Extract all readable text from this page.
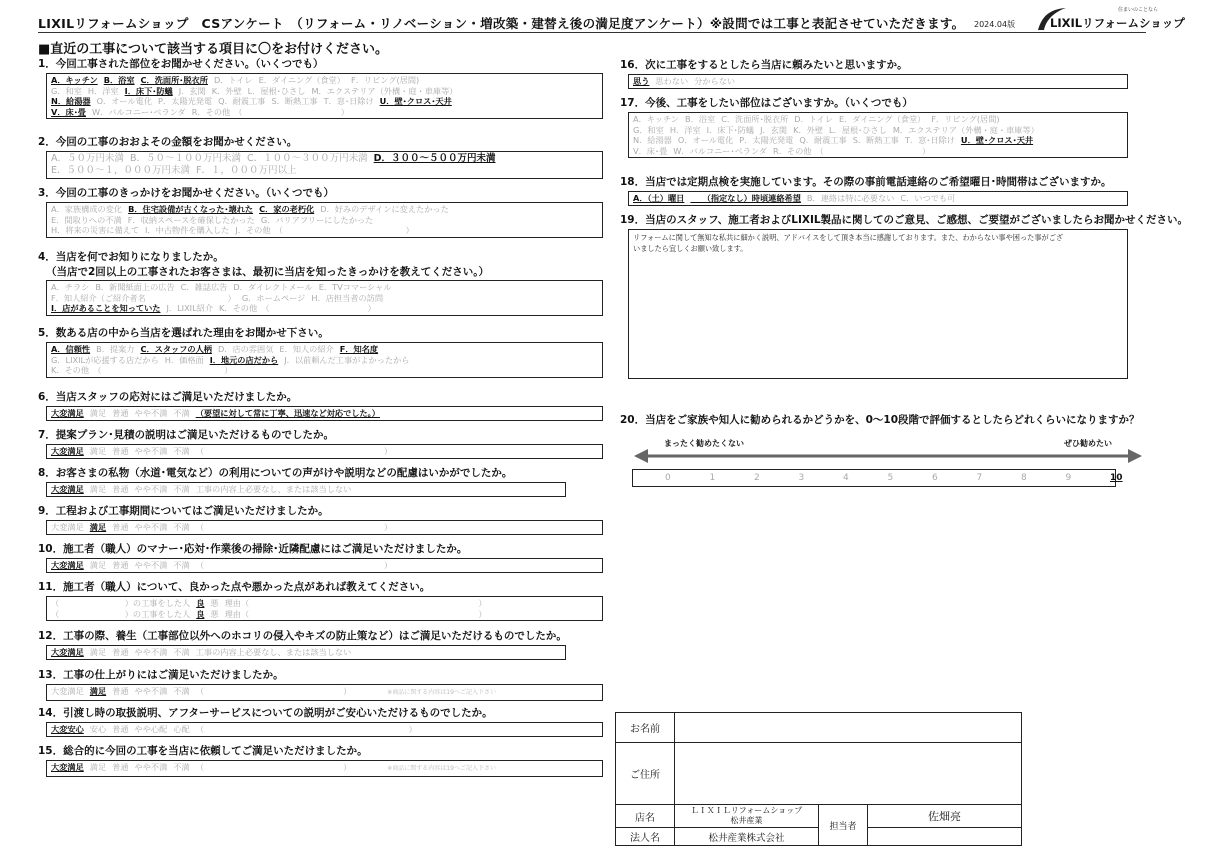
LIXILリフォームショップ　CSアンケート　（リフォーム・リノベーション・増改築・建替え後の満足度アンケート）※設問では工事と表記させていただきます。 2024.04版
住まいのことなら
LIXILリフォームショップ
■直近の工事について該当する項目に〇をお付けください。
1．今回工事された部位をお聞かせください。（いくつでも）
A．キッチン B．浴室 C．洗面所･脱衣所 D．トイレ E．ダイニング（食堂） F．リビング(居間)
G．和室 H．洋室 I．床下･防蟻 J．玄関 K．外壁 L．屋根･ひさし M．エクステリア（外構・庭・車庫等）
N．給湯器 O．オール電化 P．太陽光発電 Q．耐震工事 S．断熱工事 T．窓･日除け U．壁･クロス･天井
V．床･畳 W．バルコニー･ベランダ R．その他　（　　　　　　　　　　　　）
2．今回の工事のおおよその金額をお聞かせください。
A．５０万円未満 B．５０～１００万円未満 C．１００～３００万円未満 D．３００～５００万円未満
E．５００～１，０００万円未満 F．１，０００万円以上
3．今回の工事のきっかけをお聞かせください。（いくつでも）
A．家族構成の変化 B．住宅設備が古くなった･壊れた C．家の老朽化 D．好みのデザインに変えたかった
E．間取りへの不満 F．収納スペースを確保したかった G．バリアフリーにしたかった
H．将来の災害に備えて I．中古物件を購入した J．その他　（　　　　　　　　　　　　　　　）
4．当店を何でお知りになりましたか。
（当店で2回以上の工事されたお客さまは、最初に当店を知ったきっかけを教えてください。）
A．チラシ B．新聞紙面上の広告 C．雑誌広告 D．ダイレクトメール E．TVコマーシャル
F．知人紹介（ご紹介者名　　　　　　　　　　） G．ホームページ H．店担当者の訪問
I．店があることを知っていた J．LIXIL紹介 K．その他　（　　　　　　　　　　　　）
5．数ある店の中から当店を選ばれた理由をお聞かせ下さい。
A．信頼性 B．提案力 C．スタッフの人柄 D．店の雰囲気 E．知人の紹介 F．知名度
G．LIXILが応援する店だから H．価格面 I．地元の店だから J．以前頼んだ工事がよかったから
K．その他　（　　　　　　　　　　　　　　　）
6．当店スタッフの応対にはご満足いただけましたか。
大変満足 満足 普通 やや不満 不満 （要望に対して常に丁寧、迅速など対応でした。）
7．提案プラン･見積の説明はご満足いただけるものでしたか。
大変満足 満足 普通 やや不満 不満 （　　　　　　　　　　　　　　　　　　　　　　）
8．お客さまの私物（水道･電気など）の利用についての声がけや説明などの配慮はいかがでしたか。
大変満足 満足 普通 やや不満 不満 工事の内容上必要なし、または該当しない
9．工程および工事期間についてはご満足いただけましたか。
大変満足 満足 普通 やや不満 不満 （　　　　　　　　　　　　　　　　　　　　　　）
10．施工者（職人）のマナー･応対･作業後の掃除･近隣配慮にはご満足いただけましたか。
大変満足 満足 普通 やや不満 不満 （　　　　　　　　　　　　　　　　　　　　　　）
11．施工者（職人）について、良かった点や悪かった点があれば教えてください。
（　　　　　　　　）の工事をした人 良 悪 理由（　　　　　　　　　　　　　　　　　　　　　　　　　　　　）
（　　　　　　　　）の工事をした人 良 悪 理由（　　　　　　　　　　　　　　　　　　　　　　　　　　　　）
12．工事の際、養生（工事部位以外へのホコリの侵入やキズの防止策など）はご満足いただけるものでしたか。
大変満足 満足 普通 やや不満 不満 工事の内容上必要なし、または該当しない
13．工事の仕上がりにはご満足いただけましたか。
大変満足 満足 普通 やや不満 不満 （　　　　　　　　　　　　　　　　　）	※商品に関する内容は19へご記入下さい
14．引渡し時の取扱説明、アフターサービスについての説明がご安心いただけるものでしたか。
大変安心 安心 普通 やや心配 心配 （　　　　　　　　　　　　　　　　　　　　　　　　　）
15．総合的に今回の工事を当店に依頼してご満足いただけましたか。
大変満足 満足 普通 やや不満 不満 （　　　　　　　　　　　　　　　　　）	※商品に関する内容は19へご記入下さい
16．次に工事をするとしたら当店に頼みたいと思いますか。
思う 思わない 分からない
17．今後、工事をしたい部位はございますか。（いくつでも）
A．キッチン B．浴室 C．洗面所･脱衣所 D．トイレ E．ダイニング（食堂） F．リビング(居間)
G．和室 H．洋室 I．床下･防蟻 J．玄関 K．外壁 L．屋根･ひさし M．エクステリア（外構・庭・車庫等）
N．給湯器 O．オール電化 P．太陽光発電 Q．耐震工事 S．断熱工事 T．窓･日除け U．壁･クロス･天井
V．床･畳 W．バルコニー･ベランダ R．その他　（　　　　　　　　　　　　）
18．当店では定期点検を実施しています。その際の事前電話連絡のご希望曜日･時間帯はございますか。
A．（土）曜日　　（指定なし）時頃連絡希望 B．連絡は特に必要ない C．いつでも可
19．当店のスタッフ、施工者およびLIXIL製品に関してのご意見、ご感想、ご要望がございましたらお聞かせください。
リフォームに関して無知な私共に細かく説明、アドバイスをして頂き本当に感謝しております。また、わからない事や困った事がござ
いましたら宜しくお願い致します。
20．当店をご家族や知人に勧められるかどうかを、0～10段階で評価するとしたらどれくらいになりますか？
まったく勧めたくない	ぜひ勧めたい
0	1	2	3	4	5	6	7	8	9	10
お名前			
ご住所			
店名	ＬＩＸＩＬリフォームショップ
松井産業	担当者	佐畑亮
法人名	松井産業株式会社		
